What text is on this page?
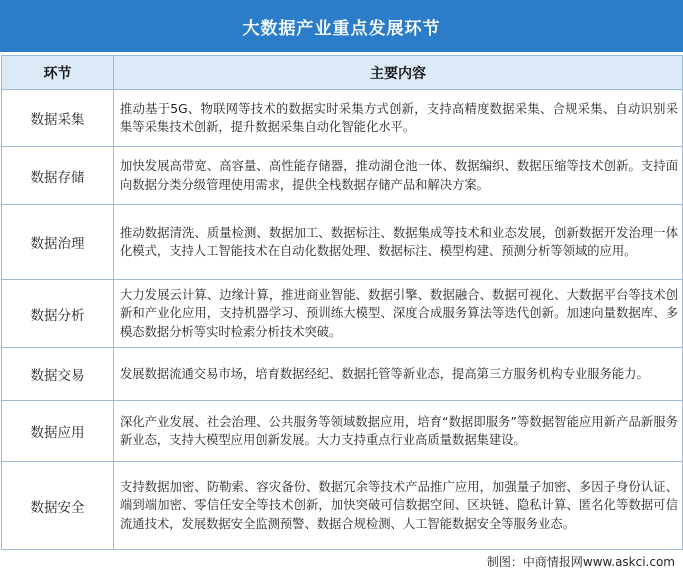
大数据产业重点发展环节
环节	主要内容
数据采集	推动基于5G、物联网等技术的数据实时采集方式创新，支持高精度数据采集、合规采集、自动识别采集等采集技术创新，提升数据采集自动化智能化水平。
数据存储	加快发展高带宽、高容量、高性能存储器，推动湖仓池一体、数据编织、数据压缩等技术创新。支持面向数据分类分级管理使用需求，提供全栈数据存储产品和解决方案。
数据治理	推动数据清洗、质量检测、数据加工、数据标注、数据集成等技术和业态发展，创新数据开发治理一体化模式，支持人工智能技术在自动化数据处理、数据标注、模型构建、预测分析等领域的应用。
数据分析	大力发展云计算、边缘计算，推进商业智能、数据引擎、数据融合、数据可视化、大数据平台等技术创新和产业化应用，支持机器学习、预训练大模型、深度合成服务算法等迭代创新。加速向量数据库、多模态数据分析等实时检索分析技术突破。
数据交易	发展数据流通交易市场，培育数据经纪、数据托管等新业态，提高第三方服务机构专业服务能力。
数据应用	深化产业发展、社会治理、公共服务等领域数据应用，培育“数据即服务”等数据智能应用新产品新服务新业态，支持大模型应用创新发展。大力支持重点行业高质量数据集建设。
数据安全	支持数据加密、防勒索、容灾备份、数据冗余等技术产品推广应用，加强量子加密、多因子身份认证、端到端加密、零信任安全等技术创新，加快突破可信数据空间、区块链、隐私计算、匿名化等数据可信流通技术，发展数据安全监测预警、数据合规检测、人工智能数据安全等服务业态。
制图：中商情报网www.askci.com
